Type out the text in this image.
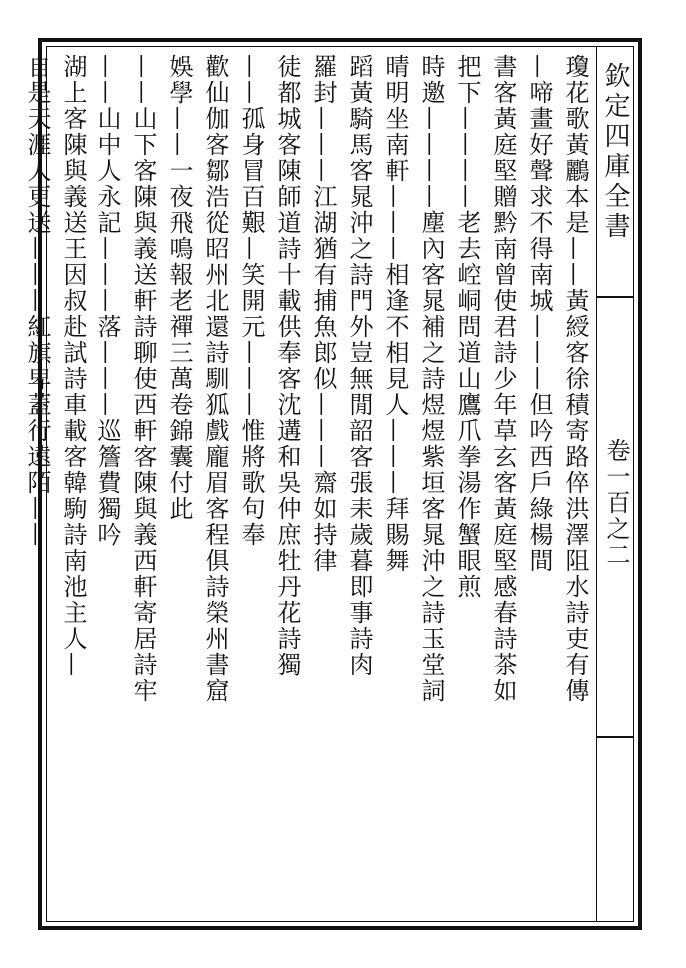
欽定四庫全書
卷一百之二
瓊花歌黃鸝本是——黃綬客徐積寄路倅洪澤阻水詩吏有傳
—啼畫好聲求不得南城———但吟西戶綠楊間
書客黃庭堅贈黔南曾使君詩少年草玄客黃庭堅感春詩茶如
把下————老去崆峒問道山鷹爪拳湯作蟹眼煎
時邀————塵內客晁補之詩煜煜紫垣客晁沖之詩玉堂詞
晴明坐南軒———相逢不相見人———拜賜舞
蹈黃騎馬客晁沖之詩門外豈無閒韶客張耒歲暮即事詩肉
羅封———江湖猶有捕魚郎似———齋如持律
徒都城客陳師道詩十載供奉客沈遘和吳仲庶牡丹花詩獨
——孤身冒百艱—笑開元———惟將歌句奉
歡仙伽客鄒浩從昭州北還詩馴狐戲龐眉客程俱詩榮州書窟
娛學——一夜飛鳴報老禪三萬卷錦囊付此
——山下客陳與義送軒詩聊使西軒客陳與義西軒寄居詩牢
——山中人永記———落———巡簷費獨吟
湖上客陳與義送王因叔赴試詩車載客韓駒詩南池主人—
自是天涯人更送———紅旗卑蓋行遠陌——
